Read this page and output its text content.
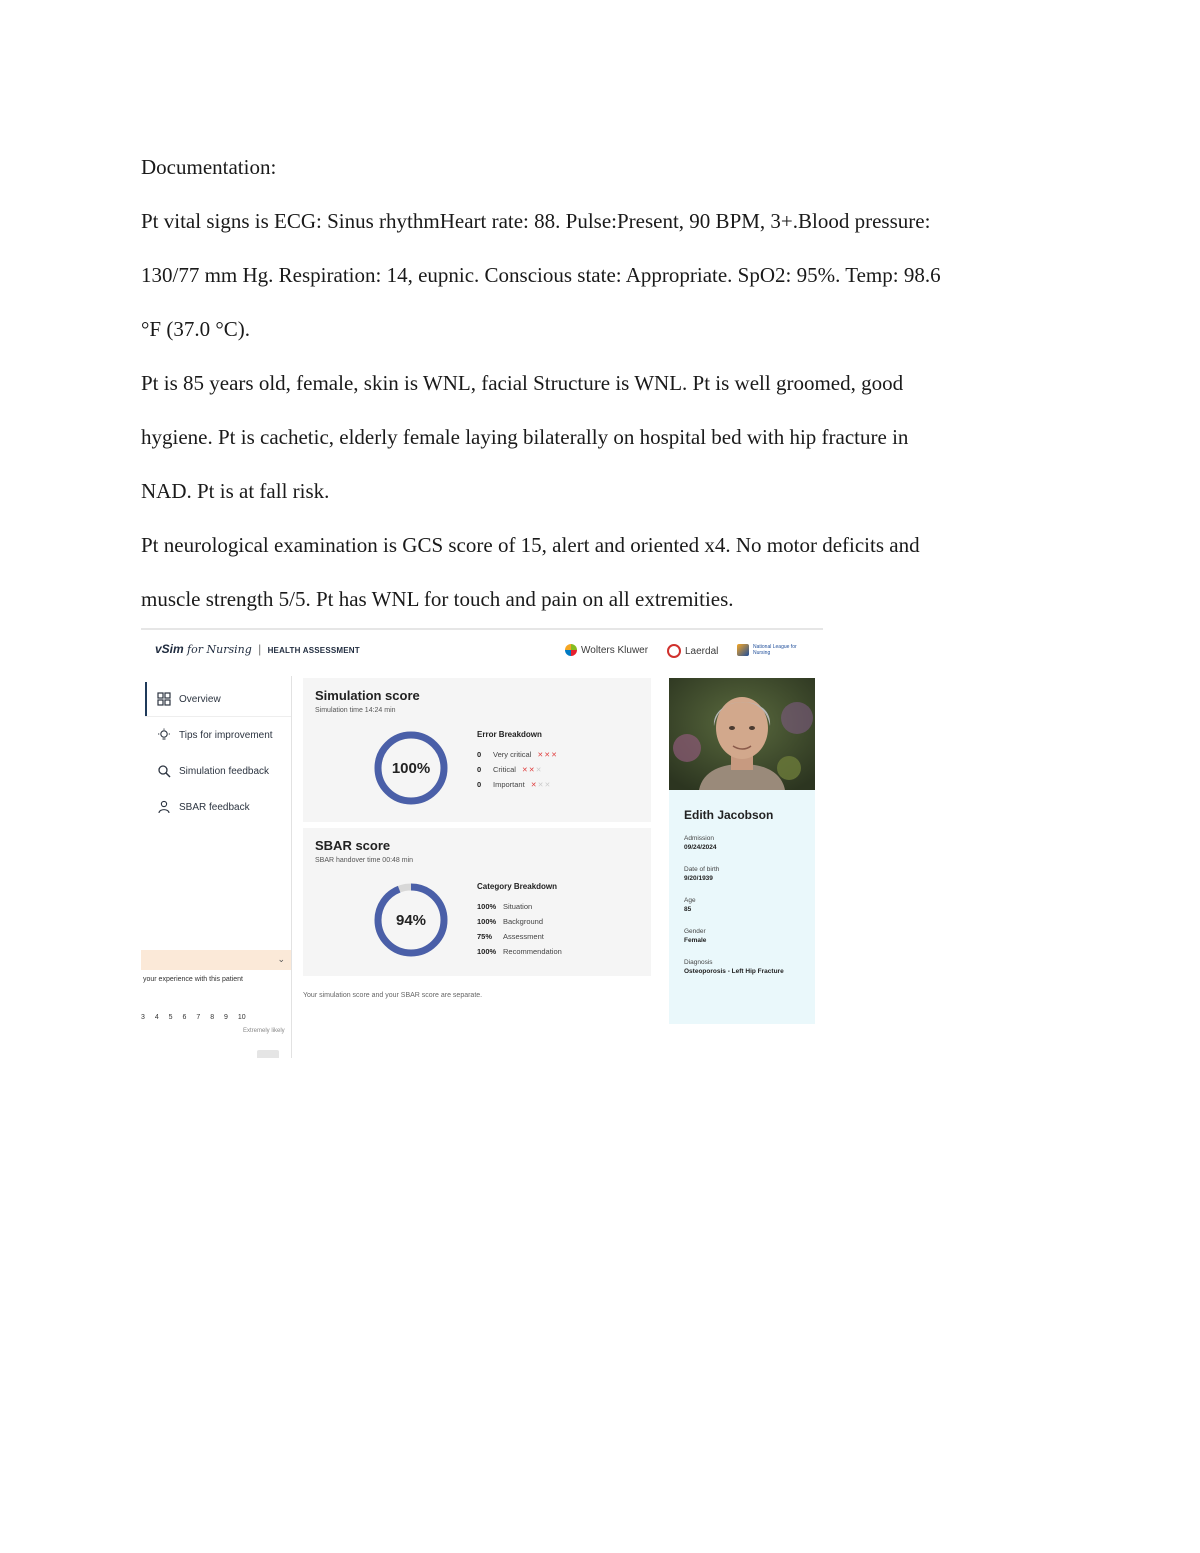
Documentation:

Pt vital signs is ECG: Sinus rhythmHeart rate: 88. Pulse:Present, 90 BPM, 3+.Blood pressure:

130/77 mm Hg. Respiration: 14, eupnic. Conscious state: Appropriate. SpO2: 95%. Temp: 98.6

°F (37.0 °C).

Pt is 85 years old, female, skin is WNL, facial Structure is WNL. Pt is well groomed, good

hygiene. Pt is cachetic, elderly female laying bilaterally on hospital bed with hip fracture in

NAD. Pt is at fall risk.

Pt neurological examination is GCS score of 15, alert and oriented x4. No motor deficits and

muscle strength 5/5. Pt has WNL for touch and pain on all extremities.

vSim for Nursing | HEALTH ASSESSMENT	Wolters Kluwer	Laerdal	National League for Nursing
Overview
Tips for improvement
Simulation feedback
SBAR feedback
⌄
your experience with this patient
3 4 5 6 7 8 9 10
Extremely likely
Simulation score
Simulation time 14:24 min
100%
Error Breakdown
0	Very critical ✕✕✕
0	Critical ✕✕✕
0	Important ✕✕✕
SBAR score
SBAR handover time 00:48 min
94%
Category Breakdown
100% Situation
100% Background
75%	Assessment
100% Recommendation
Your simulation score and your SBAR score are separate.
Edith Jacobson
Admission
09/24/2024
Date of birth
9/20/1939
Age
85
Gender
Female
Diagnosis
Osteoporosis - Left Hip Fracture
